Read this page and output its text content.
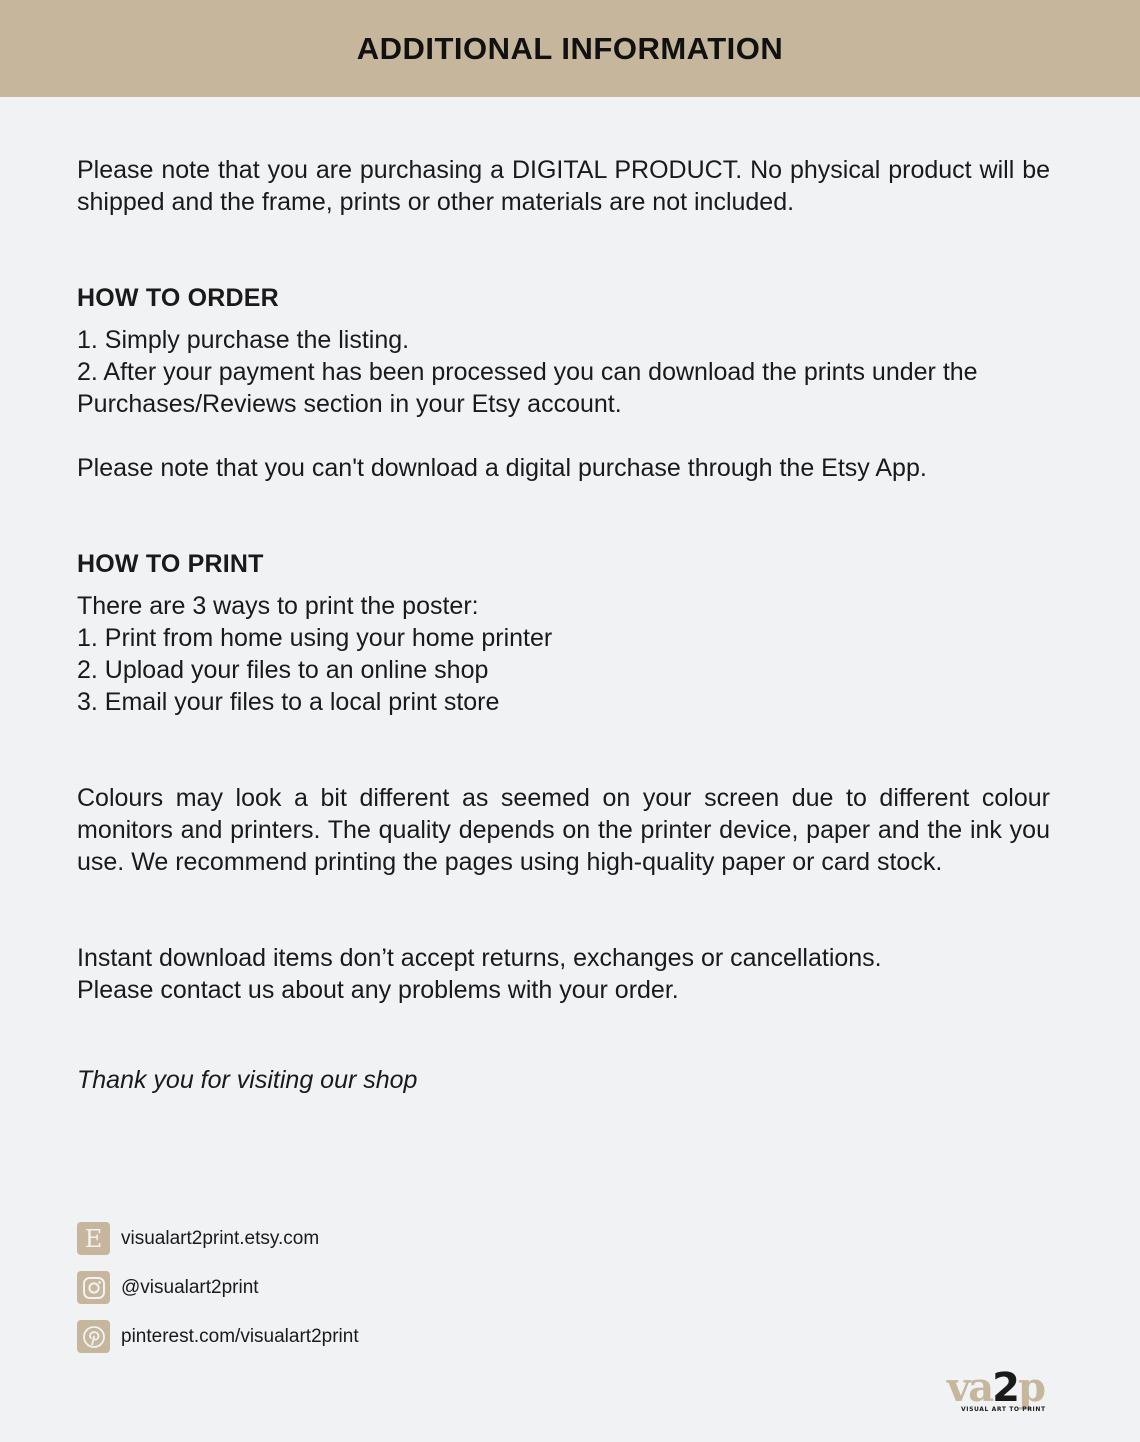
ADDITIONAL INFORMATION

Please note that you are purchasing a DIGITAL PRODUCT. No physical product will be shipped and the frame, prints or other materials are not included.

HOW TO ORDER

1. Simply purchase the listing.

2. After your payment has been processed you can download the prints under the Purchases/Reviews section in your Etsy account.

Please note that you can't download a digital purchase through the Etsy App.

HOW TO PRINT

There are 3 ways to print the poster:

1. Print from home using your home printer

2. Upload your files to an online shop

3. Email your files to a local print store

Colours may look a bit different as seemed on your screen due to different colour monitors and printers. The quality depends on the printer device, paper and the ink you use. We recommend printing the pages using high-quality paper or card stock.

Instant download items don’t accept returns, exchanges or cancellations.

Please contact us about any problems with your order.

Thank you for visiting our shop

E visualart2print.etsy.com
@visualart2print
pinterest.com/visualart2print
va2p
VISUAL ART TO PRINT
